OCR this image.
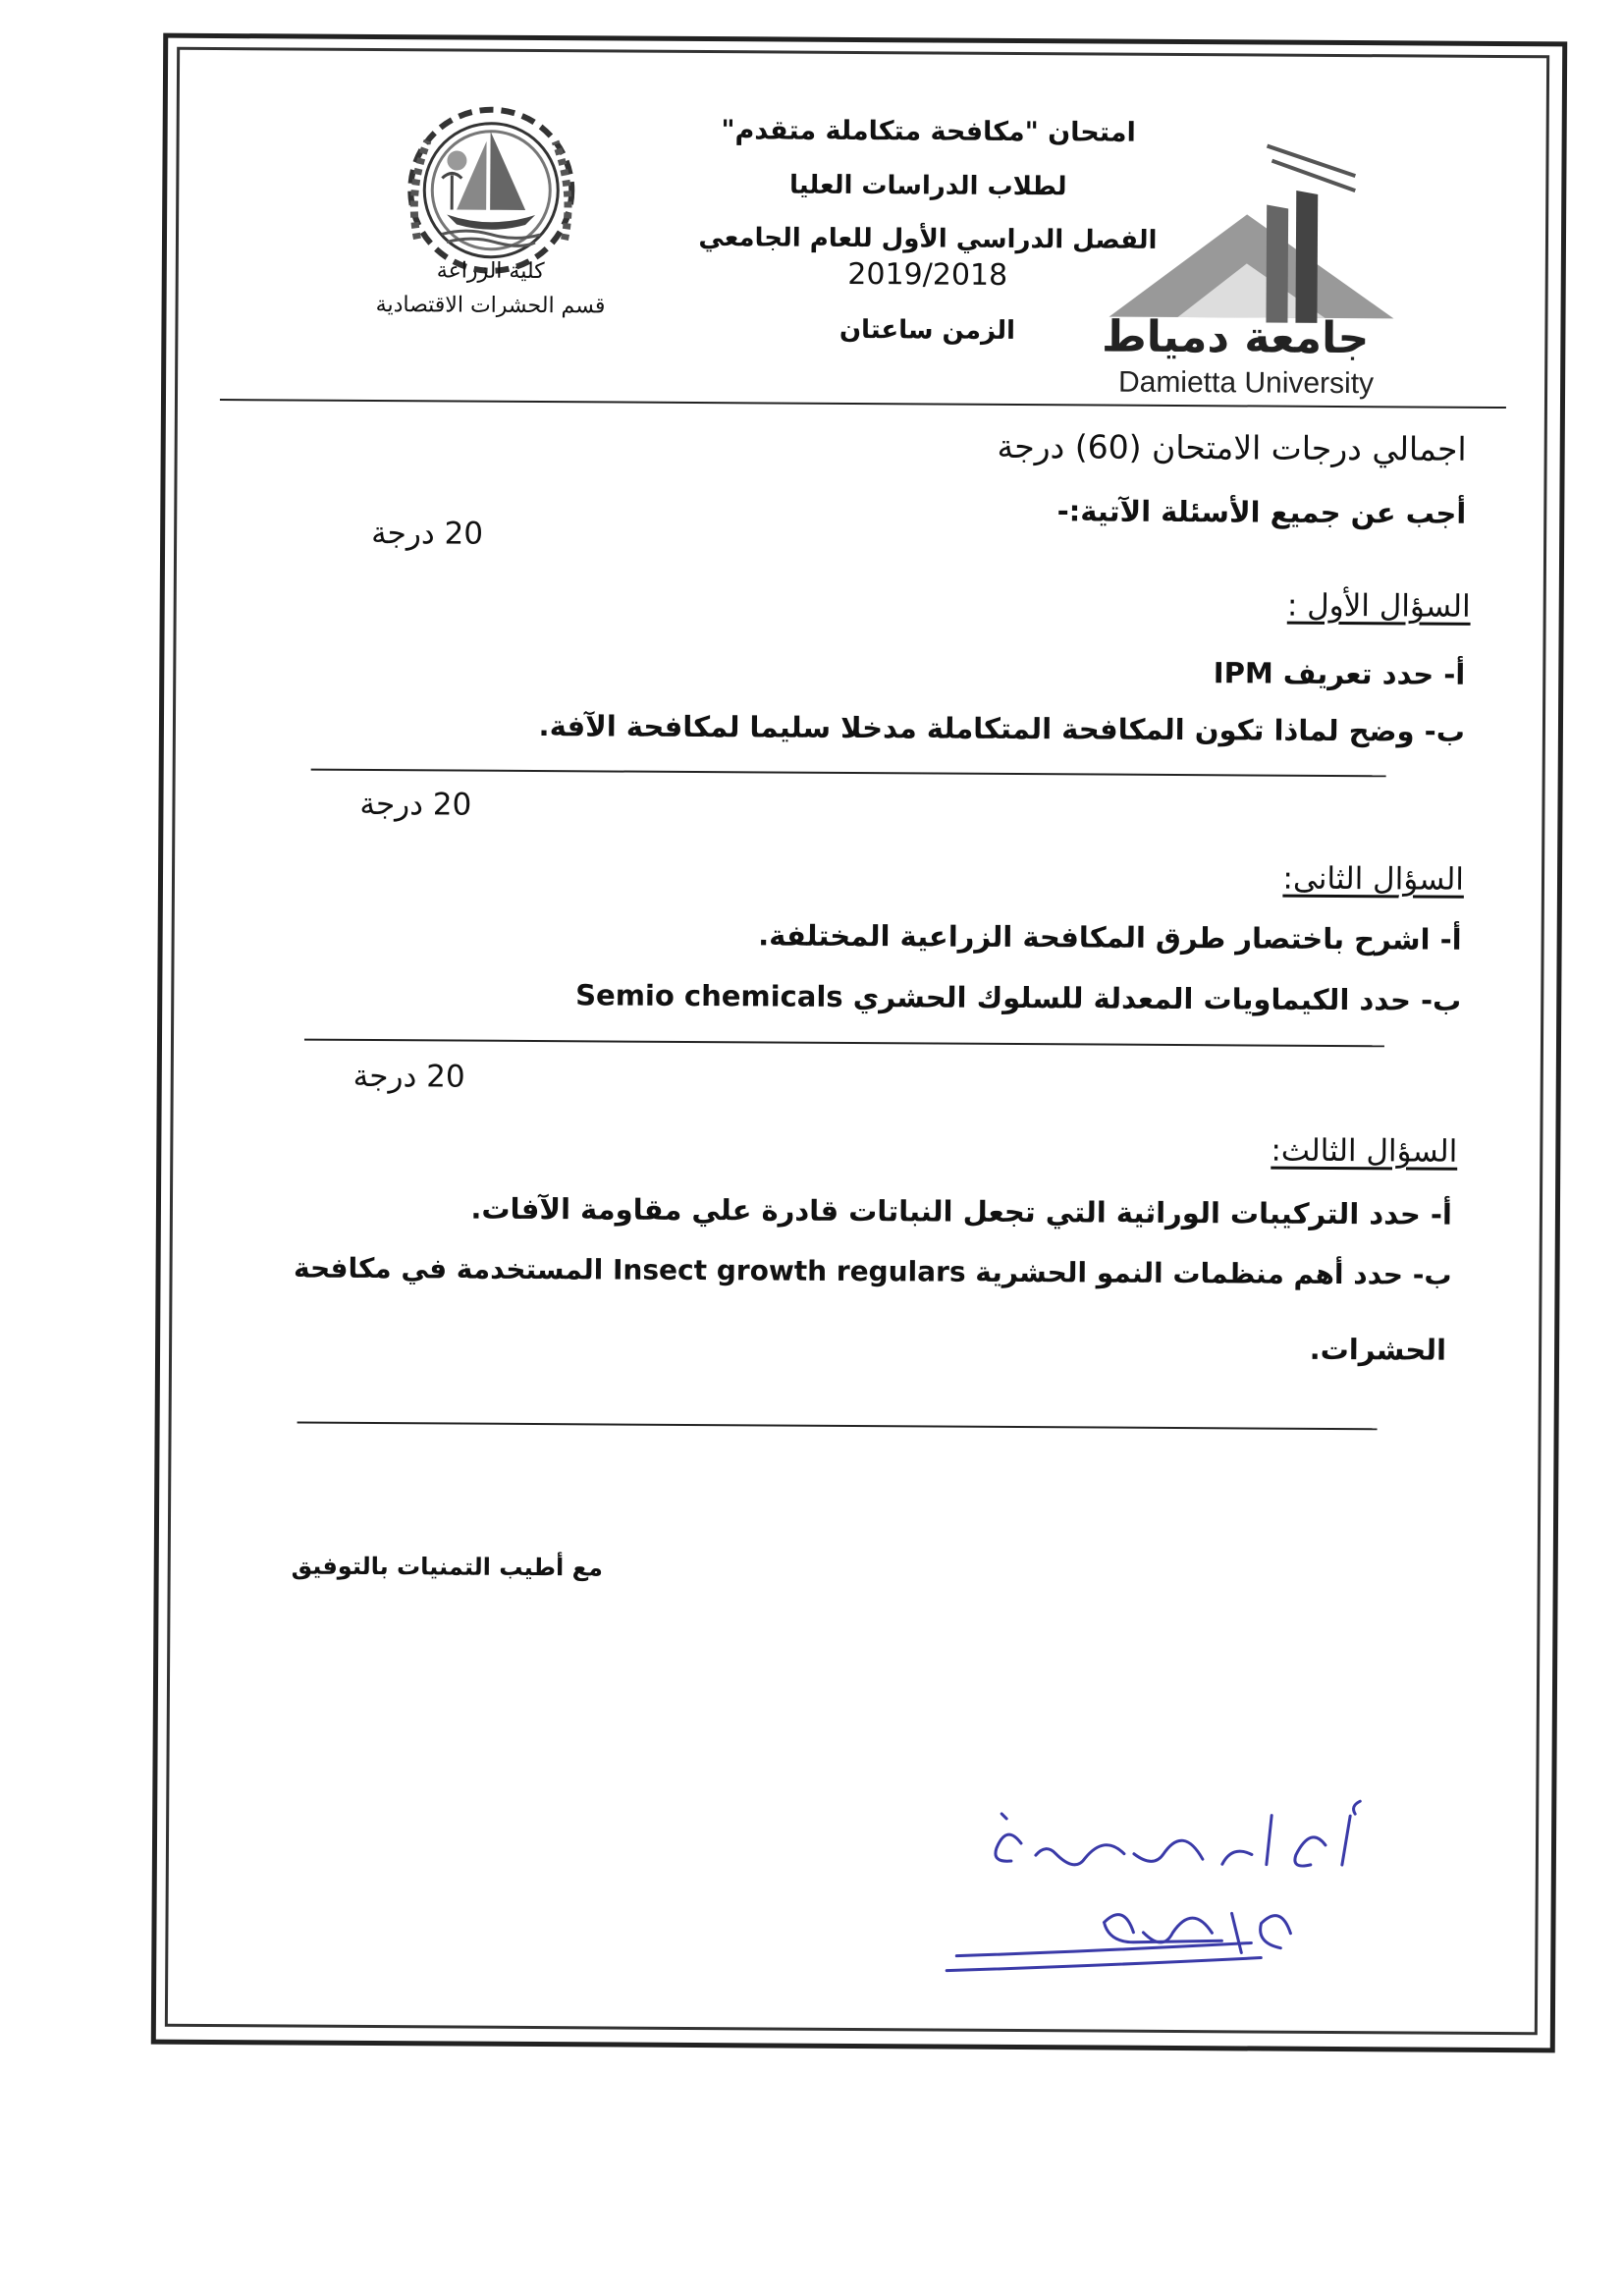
كلية الزراعة
قسم الحشرات الاقتصادية
امتحان "مكافحة متكاملة متقدم"
لطلاب الدراسات العليا
الفصل الدراسي الأول للعام الجامعي
2019/2018
الزمن ساعتان	جامعة دمياط
Damietta University
اجمالي درجات الامتحان (60) درجة
أجب عن جميع الأسئلة الآتية:-
20 درجة
السؤال الأول :
أ- حدد تعريف IPM
ب- وضح لماذا تكون المكافحة المتكاملة مدخلا سليما لمكافحة الآفة.
20 درجة
السؤال الثانى:
أ- اشرح باختصار طرق المكافحة الزراعية المختلفة.
ب- حدد الكيماويات المعدلة للسلوك الحشري Semio chemicals
20 درجة
السؤال الثالث:
أ- حدد التركيبات الوراثية التي تجعل النباتات قادرة علي مقاومة الآفات.
ب- حدد أهم منظمات النمو الحشرية Insect growth regulars المستخدمة في مكافحة
الحشرات.
مع أطيب التمنيات بالتوفيق
